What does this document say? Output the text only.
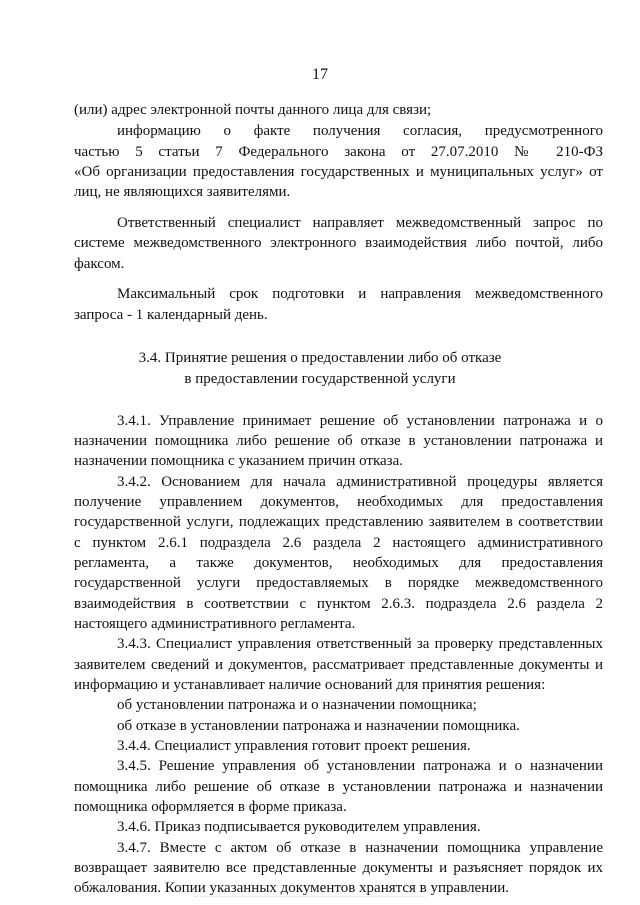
17
(или) адрес электронной почты данного лица для связи;
информацию о факте получения согласия, предусмотренного
частью 5 статьи 7 Федерального закона от 27.07.2010 № 210-ФЗ
«Об организации предоставления государственных и муниципальных услуг» от
лиц, не являющихся заявителями.
Ответственный специалист направляет межведомственный запрос по
системе межведомственного электронного взаимодействия либо почтой, либо
факсом.
Максимальный срок подготовки и направления межведомственного
запроса - 1 календарный день.
3.4. Принятие решения о предоставлении либо об отказе
в предоставлении государственной услуги
3.4.1. Управление принимает решение об установлении патронажа и о
назначении помощника либо решение об отказе в установлении патронажа и
назначении помощника с указанием причин отказа.
3.4.2. Основанием для начала административной процедуры является
получение управлением документов, необходимых для предоставления
государственной услуги, подлежащих представлению заявителем в соответствии
с пунктом 2.6.1 подраздела 2.6 раздела 2 настоящего административного
регламента, а также документов, необходимых для предоставления
государственной услуги предоставляемых в порядке межведомственного
взаимодействия в соответствии с пунктом 2.6.3. подраздела 2.6 раздела 2
настоящего административного регламента.
3.4.3. Специалист управления ответственный за проверку представленных
заявителем сведений и документов, рассматривает представленные документы и
информацию и устанавливает наличие оснований для принятия решения:
об установлении патронажа и о назначении помощника;
об отказе в установлении патронажа и назначении помощника.
3.4.4. Специалист управления готовит проект решения.
3.4.5. Решение управления об установлении патронажа и о назначении
помощника либо решение об отказе в установлении патронажа и назначении
помощника оформляется в форме приказа.
3.4.6. Приказ подписывается руководителем управления.
3.4.7. Вместе с актом об отказе в назначении помощника управление
возвращает заявителю все представленные документы и разъясняет порядок их
обжалования. Копии указанных документов хранятся в управлении.
